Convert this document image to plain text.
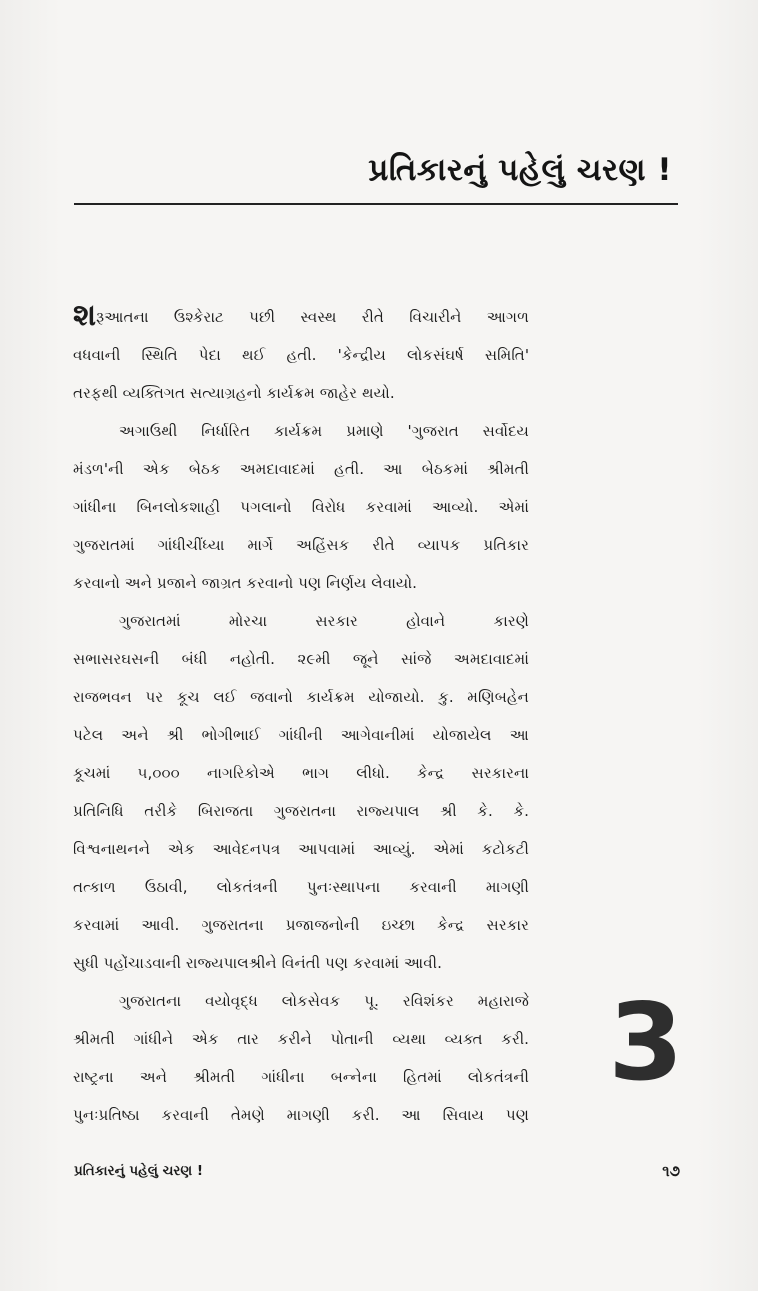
પ્રતિકારનું પહેલું ચરણ !
શરૂઆતના ઉશ્કેરાટ પછી સ્વસ્થ રીતે વિચારીને આગળ
વધવાની સ્થિતિ પેદા થઈ હતી. 'કેન્દ્રીય લોકસંઘર્ષ સમિતિ'
તરફથી વ્યક્તિગત સત્યાગ્રહનો કાર્યક્રમ જાહેર થયો.
અગાઉથી નિર્ધારિત કાર્યક્રમ પ્રમાણે 'ગુજરાત સર્વોદય
મંડળ'ની એક બેઠક અમદાવાદમાં હતી. આ બેઠકમાં શ્રીમતી
ગાંધીના બિનલોકશાહી પગલાનો વિરોધ કરવામાં આવ્યો. એમાં
ગુજરાતમાં ગાંધીચીંધ્યા માર્ગે અહિંસક રીતે વ્યાપક પ્રતિકાર
કરવાનો અને પ્રજાને જાગ્રત કરવાનો પણ નિર્ણય લેવાયો.
ગુજરાતમાં મોરચા સરકાર હોવાને કારણે
સભાસરઘસની બંધી નહોતી. ૨૯મી જૂને સાંજે અમદાવાદમાં
રાજભવન પર કૂચ લઈ જવાનો કાર્યક્રમ યોજાયો. કુ. મણિબહેન
પટેલ અને શ્રી ભોગીભાઈ ગાંધીની આગેવાનીમાં યોજાયેલ આ
કૂચમાં ૫,૦૦૦ નાગરિકોએ ભાગ લીધો. કેન્દ્ર સરકારના
પ્રતિનિધિ તરીકે બિરાજતા ગુજરાતના રાજ્યપાલ શ્રી કે. કે.
વિશ્વનાથનને એક આવેદનપત્ર આપવામાં આવ્યું. એમાં કટોકટી
તત્કાળ ઉઠાવી, લોકતંત્રની પુનઃસ્થાપના કરવાની માગણી
કરવામાં આવી. ગુજરાતના પ્રજાજનોની ઇચ્છા કેન્દ્ર સરકાર
સુધી પહોંચાડવાની રાજ્યપાલશ્રીને વિનંતી પણ કરવામાં આવી.
ગુજરાતના વયોવૃદ્ધ લોકસેવક પૂ. રવિશંકર મહારાજે
શ્રીમતી ગાંધીને એક તાર કરીને પોતાની વ્યથા વ્યક્ત કરી.
રાષ્ટ્રના અને શ્રીમતી ગાંધીના બન્નેના હિતમાં લોકતંત્રની
પુનઃપ્રતિષ્ઠા કરવાની તેમણે માગણી કરી. આ સિવાય પણ
3
પ્રતિકારનું પહેલું ચરણ !	૧૭
